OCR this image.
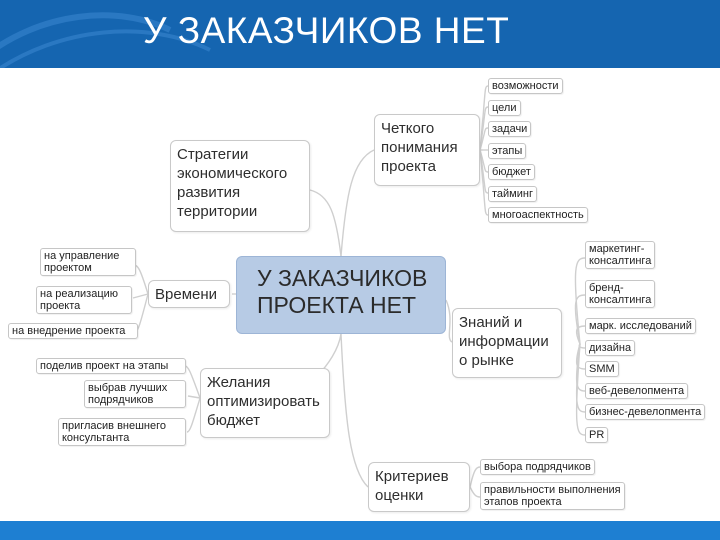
У ЗАКАЗЧИКОВ НЕТ
У ЗАКАЗЧИКОВ
ПРОЕКТА НЕТ
Стратегии
экономического
развития
территории
Четкого
понимания
проекта
возможности
цели
задачи
этапы
бюджет
тайминг
многоаспектность
Времени
на управление
проектом
на реализацию
проекта
на внедрение проекта	Знаний и
информации
о рынке
маркетинг-
консалтинга
бренд-
консалтинга
марк. исследований
дизайна
SMM
веб-девелопмента
бизнес-девелопмента
PR
Желания
оптимизировать
бюджет
поделив проект на этапы
выбрав лучших
подрядчиков
пригласив внешнего
консультанта
Критериев
оценки
выбора подрядчиков
правильности выполнения
этапов проекта
